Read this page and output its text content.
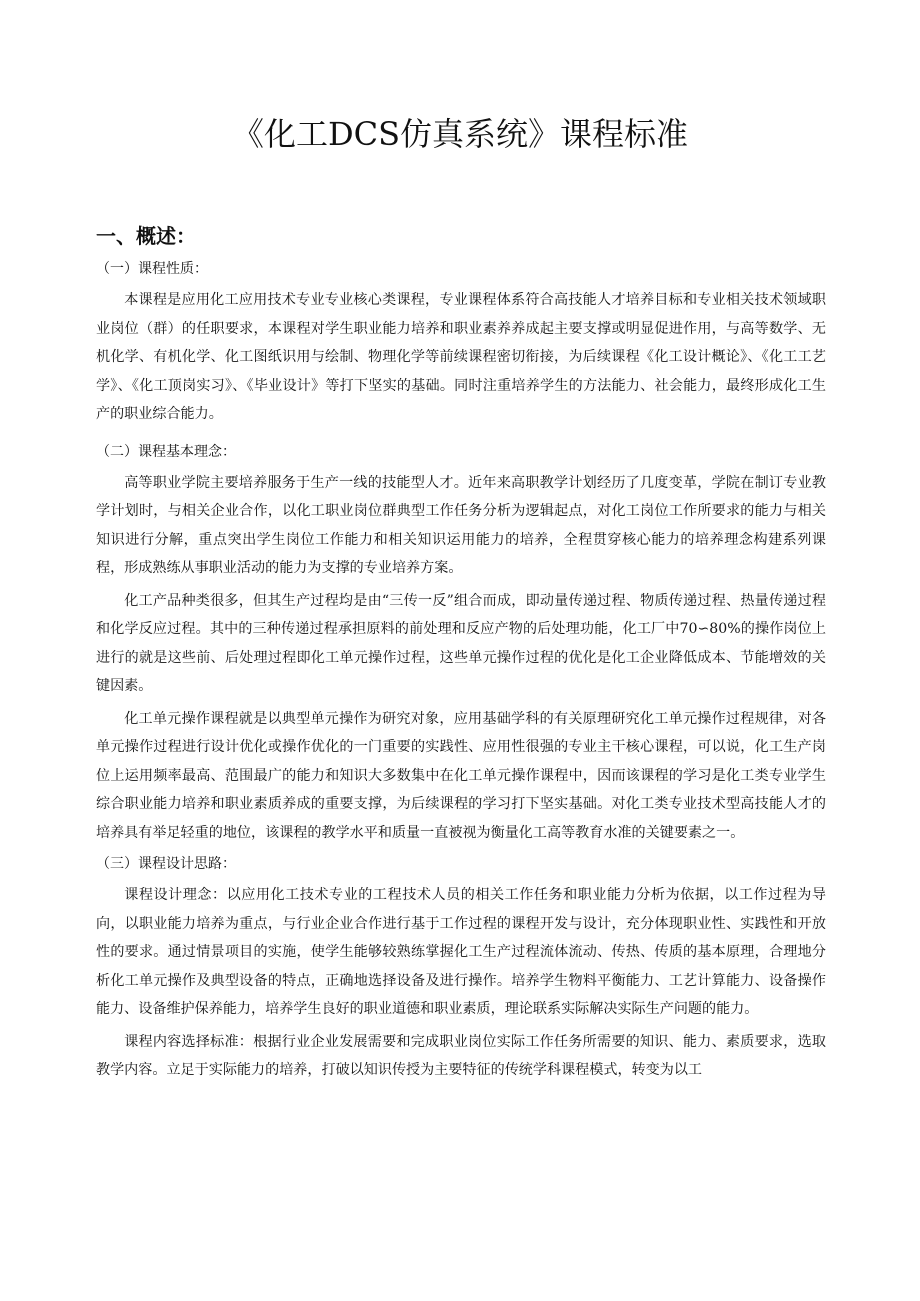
《化工DCS仿真系统》课程标准
一、概述：
（一）课程性质：

本课程是应用化工应用技术专业专业核心类课程，专业课程体系符合高技能人才培养目标和专业相关技术领域职业岗位（群）的任职要求，本课程对学生职业能力培养和职业素养养成起主要支撑或明显促进作用，与高等数学、无机化学、有机化学、化工图纸识用与绘制、物理化学等前续课程密切衔接，为后续课程《化工设计概论》、《化工工艺学》、《化工顶岗实习》、《毕业设计》等打下坚实的基础。同时注重培养学生的方法能力、社会能力，最终形成化工生产的职业综合能力。

（二）课程基本理念：

高等职业学院主要培养服务于生产一线的技能型人才。近年来高职教学计划经历了几度变革，学院在制订专业教学计划时，与相关企业合作，以化工职业岗位群典型工作任务分析为逻辑起点，对化工岗位工作所要求的能力与相关知识进行分解，重点突出学生岗位工作能力和相关知识运用能力的培养，全程贯穿核心能力的培养理念构建系列课程，形成熟练从事职业活动的能力为支撑的专业培养方案。

化工产品种类很多，但其生产过程均是由“三传一反”组合而成，即动量传递过程、物质传递过程、热量传递过程和化学反应过程。其中的三种传递过程承担原料的前处理和反应产物的后处理功能，化工厂中70∽80%的操作岗位上进行的就是这些前、后处理过程即化工单元操作过程，这些单元操作过程的优化是化工企业降低成本、节能增效的关键因素。

化工单元操作课程就是以典型单元操作为研究对象，应用基础学科的有关原理研究化工单元操作过程规律，对各单元操作过程进行设计优化或操作优化的一门重要的实践性、应用性很强的专业主干核心课程，可以说，化工生产岗位上运用频率最高、范围最广的能力和知识大多数集中在化工单元操作课程中，因而该课程的学习是化工类专业学生综合职业能力培养和职业素质养成的重要支撑，为后续课程的学习打下坚实基础。对化工类专业技术型高技能人才的培养具有举足轻重的地位，该课程的教学水平和质量一直被视为衡量化工高等教育水准的关键要素之一。

（三）课程设计思路：

课程设计理念：以应用化工技术专业的工程技术人员的相关工作任务和职业能力分析为依据，以工作过程为导向，以职业能力培养为重点，与行业企业合作进行基于工作过程的课程开发与设计，充分体现职业性、实践性和开放性的要求。通过情景项目的实施，使学生能够较熟练掌握化工生产过程流体流动、传热、传质的基本原理，合理地分析化工单元操作及典型设备的特点，正确地选择设备及进行操作。培养学生物料平衡能力、工艺计算能力、设备操作能力、设备维护保养能力，培养学生良好的职业道德和职业素质，理论联系实际解决实际生产问题的能力。

课程内容选择标准：根据行业企业发展需要和完成职业岗位实际工作任务所需要的知识、能力、素质要求，选取教学内容。立足于实际能力的培养，打破以知识传授为主要特征的传统学科课程模式，转变为以工
